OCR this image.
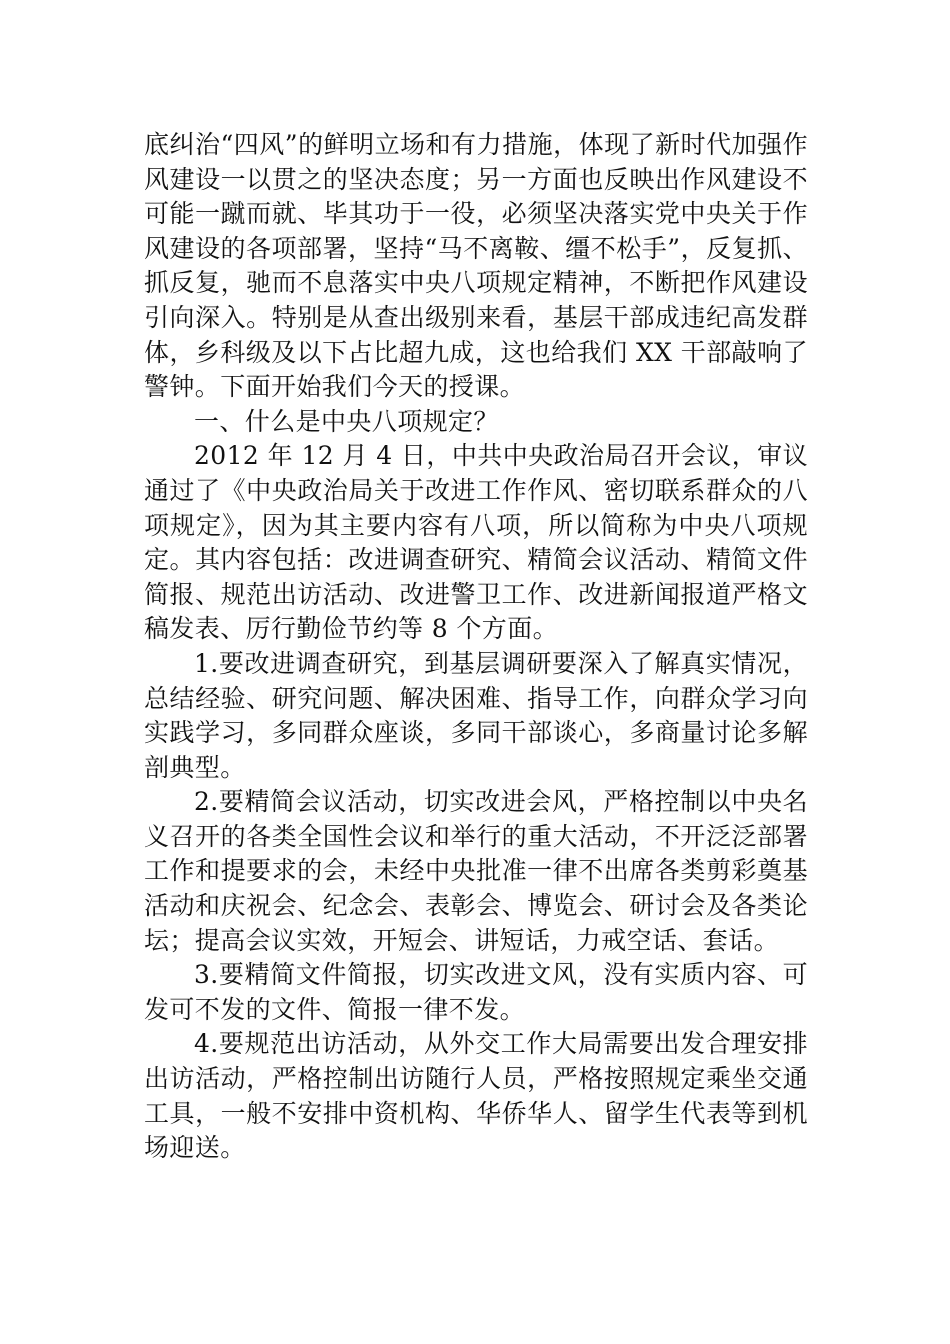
底纠治“四风”的鲜明立场和有力措施，体现了新时代加强作风建设一以贯之的坚决态度；另一方面也反映出作风建设不可能一蹴而就、毕其功于一役，必须坚决落实党中央关于作风建设的各项部署，坚持“马不离鞍、缰不松手”，反复抓、抓反复，驰而不息落实中央八项规定精神，不断把作风建设引向深入。特别是从查出级别来看，基层干部成违纪高发群体，乡科级及以下占比超九成，这也给我们 XX 干部敲响了警钟。下面开始我们今天的授课。

一、什么是中央八项规定？

2012 年 12 月 4 日，中共中央政治局召开会议，审议通过了《中央政治局关于改进工作作风、密切联系群众的八项规定》，因为其主要内容有八项，所以简称为中央八项规定。其内容包括：改进调查研究、精简会议活动、精简文件简报、规范出访活动、改进警卫工作、改进新闻报道严格文稿发表、厉行勤俭节约等 8 个方面。

1.要改进调查研究，到基层调研要深入了解真实情况，总结经验、研究问题、解决困难、指导工作，向群众学习向实践学习，多同群众座谈，多同干部谈心，多商量讨论多解剖典型。

2.要精简会议活动，切实改进会风，严格控制以中央名义召开的各类全国性会议和举行的重大活动，不开泛泛部署工作和提要求的会，未经中央批准一律不出席各类剪彩奠基活动和庆祝会、纪念会、表彰会、博览会、研讨会及各类论坛；提高会议实效，开短会、讲短话，力戒空话、套话。

3.要精简文件简报，切实改进文风，没有实质内容、可发可不发的文件、简报一律不发。

4.要规范出访活动，从外交工作大局需要出发合理安排出访活动，严格控制出访随行人员，严格按照规定乘坐交通工具，一般不安排中资机构、华侨华人、留学生代表等到机场迎送。
